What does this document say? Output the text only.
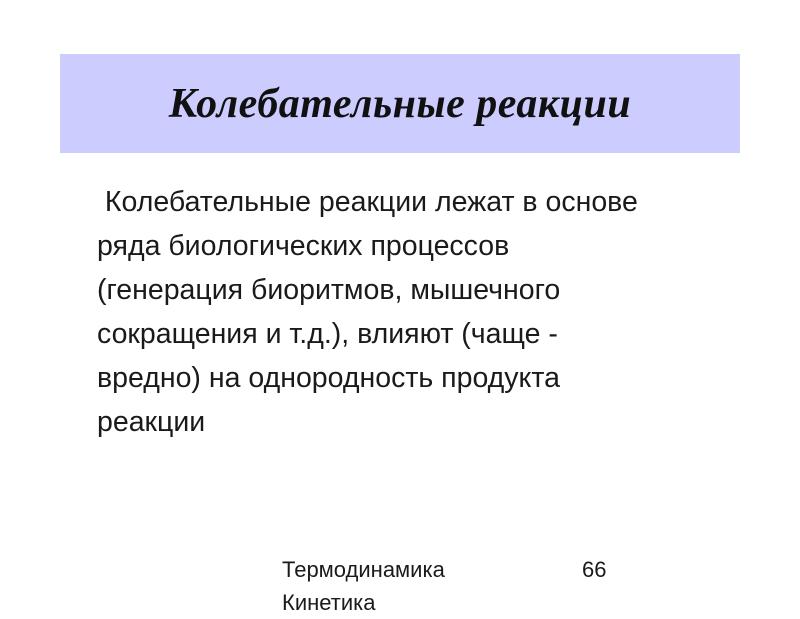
Колебательные реакции

Колебательные реакции лежат в основе
ряда биологических процессов
(генерация биоритмов, мышечного
сокращения и т.д.), влияют (чаще -
вредно) на однородность продукта
реакции

Термодинамика
Кинетика
66
